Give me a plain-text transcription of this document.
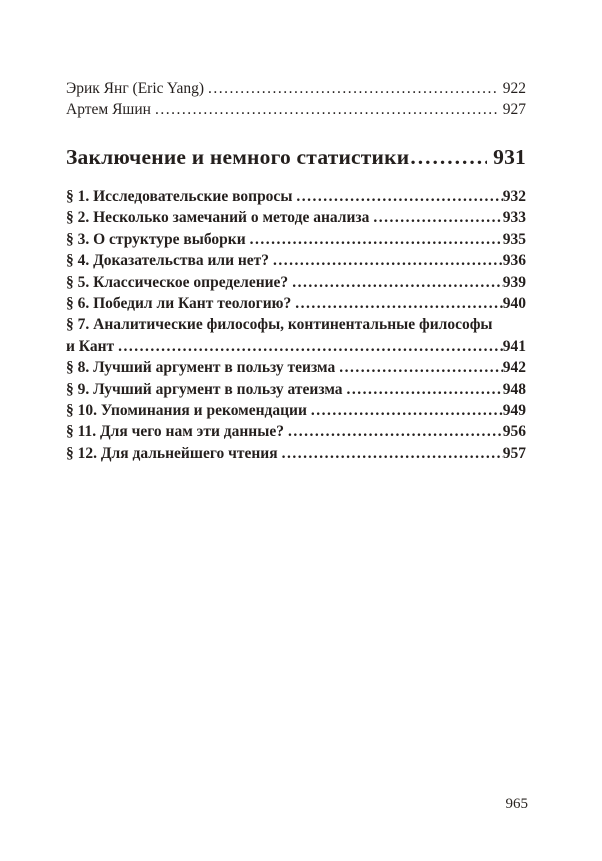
Эрик Янг (Eric Yang) .....	922
Артем Яшин .....	927
Заключение и немного статистики .....	931
§ 1. Исследовательские вопросы .....	932
§ 2. Несколько замечаний о методе анализа .....	933
§ 3. О структуре выборки .....	935
§ 4. Доказательства или нет? .....	936
§ 5. Классическое определение? .....	939
§ 6. Победил ли Кант теологию? .....	940
§ 7. Аналитические философы, континентальные философы
и Кант .....	941
§ 8. Лучший аргумент в пользу теизма .....	942
§ 9. Лучший аргумент в пользу атеизма .....	948
§ 10. Упоминания и рекомендации .....	949
§ 11. Для чего нам эти данные? .....	956
§ 12. Для дальнейшего чтения .....	957
965
